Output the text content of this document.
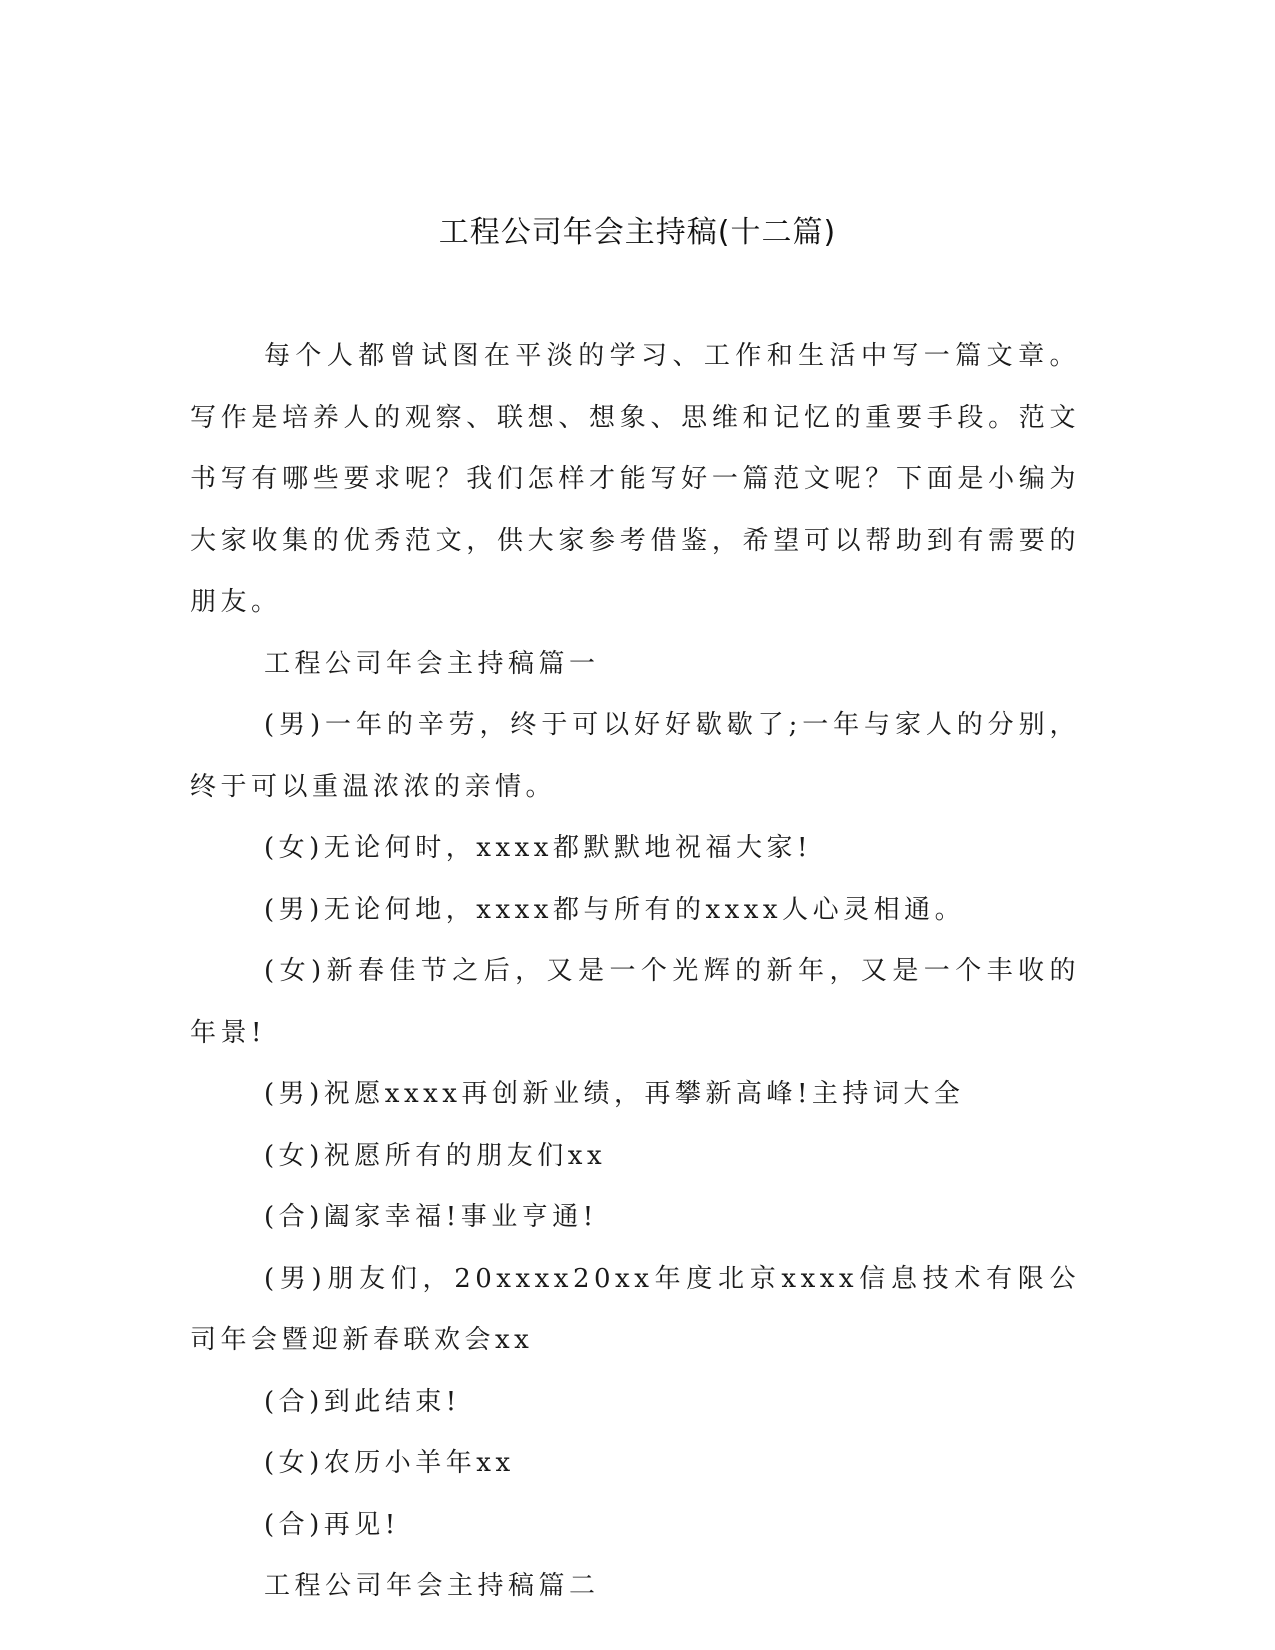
工程公司年会主持稿(十二篇)

每个人都曾试图在平淡的学习、工作和生活中写一篇文章。写作是培养人的观察、联想、想象、思维和记忆的重要手段。范文书写有哪些要求呢？我们怎样才能写好一篇范文呢？下面是小编为大家收集的优秀范文，供大家参考借鉴，希望可以帮助到有需要的朋友。

工程公司年会主持稿篇一

(男)一年的辛劳，终于可以好好歇歇了;一年与家人的分别，终于可以重温浓浓的亲情。

(女)无论何时，xxxx都默默地祝福大家!

(男)无论何地，xxxx都与所有的xxxx人心灵相通。

(女)新春佳节之后，又是一个光辉的新年，又是一个丰收的年景!

(男)祝愿xxxx再创新业绩，再攀新高峰!主持词大全

(女)祝愿所有的朋友们xx

(合)阖家幸福!事业亨通!

(男)朋友们，20xxxx20xx年度北京xxxx信息技术有限公司年会暨迎新春联欢会xx

(合)到此结束!

(女)农历小羊年xx

(合)再见!

工程公司年会主持稿篇二
